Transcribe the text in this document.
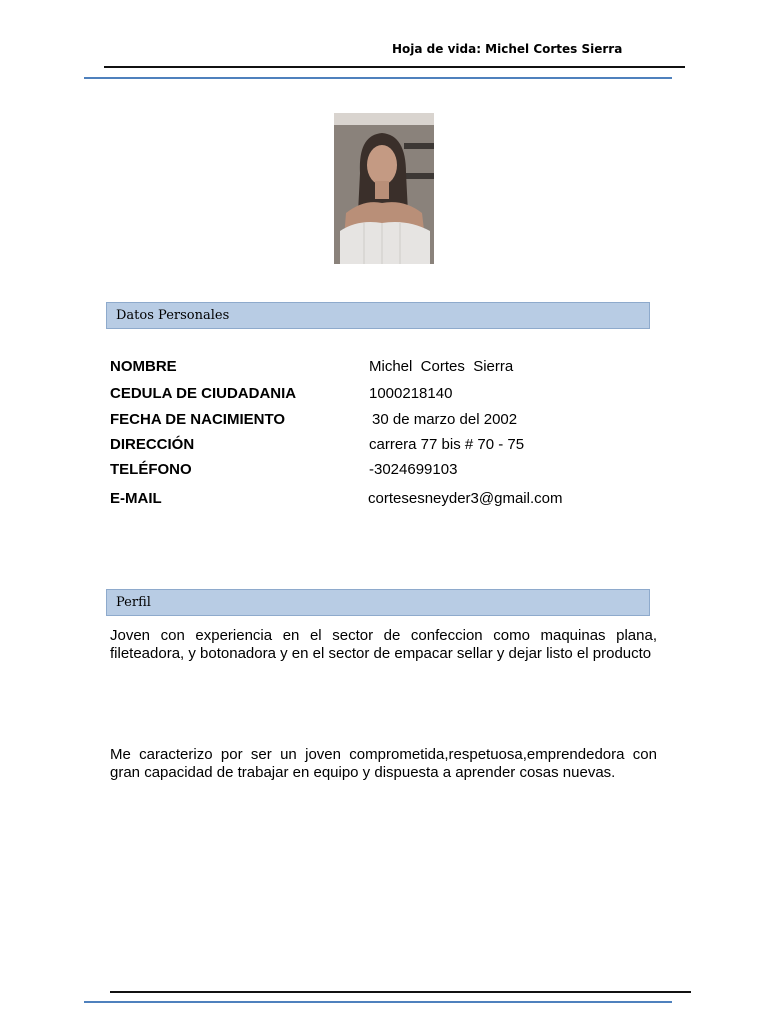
Hoja de vida: Michel Cortes Sierra
Datos Personales
NOMBRE	Michel  Cortes  Sierra
CEDULA DE CIUDADANIA	1000218140
FECHA DE NACIMIENTO	30 de marzo del 2002
DIRECCIÓN	carrera 77 bis # 70 - 75
TELÉFONO	-3024699103
E-MAIL	cortesesneyder3@gmail.com
Perfil
Joven con experiencia en el sector de confeccion como maquinas plana, fileteadora, y botonadora y en el sector de empacar sellar y dejar listo el producto
Me caracterizo por ser un joven comprometida,respetuosa,emprendedora con gran capacidad de trabajar en equipo y dispuesta a aprender cosas nuevas.
